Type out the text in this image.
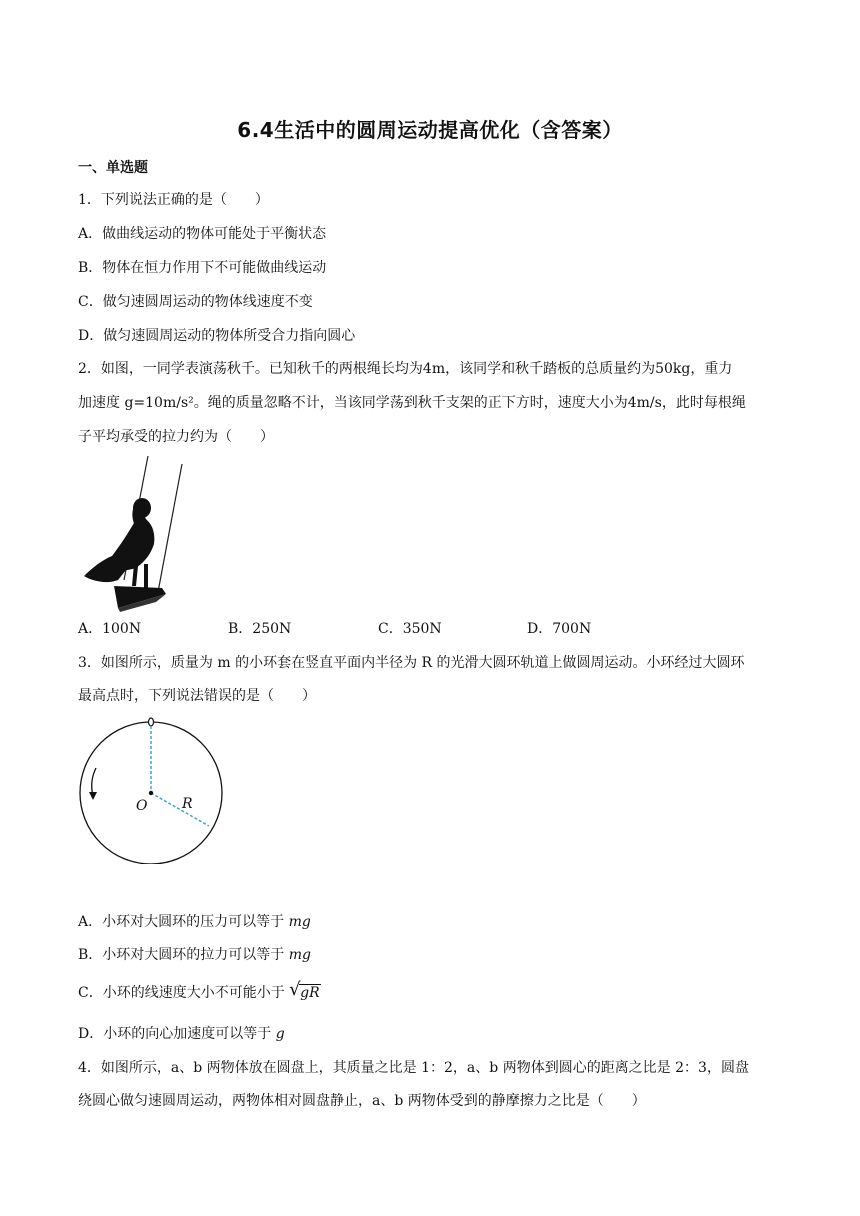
6.4生活中的圆周运动提高优化（含答案）
一、单选题
1．下列说法正确的是（　　）
A．做曲线运动的物体可能处于平衡状态
B．物体在恒力作用下不可能做曲线运动
C．做匀速圆周运动的物体线速度不变
D．做匀速圆周运动的物体所受合力指向圆心
2．如图，一同学表演荡秋千。已知秋千的两根绳长均为4m，该同学和秋千踏板的总质量约为50kg，重力
加速度 g=10m/s²。绳的质量忽略不计，当该同学荡到秋千支架的正下方时，速度大小为4m/s，此时每根绳
子平均承受的拉力约为（　　）
A．100N	B．250N	C．350N	D．700N
3．如图所示，质量为 m 的小环套在竖直平面内半径为 R 的光滑大圆环轨道上做圆周运动。小环经过大圆环
最高点时，下列说法错误的是（　　）
O R
A．小环对大圆环的压力可以等于 mg
B．小环对大圆环的拉力可以等于 mg
C．小环的线速度大小不可能小于 √ gR
D．小环的向心加速度可以等于 g
4．如图所示，a、b 两物体放在圆盘上，其质量之比是 1：2，a、b 两物体到圆心的距离之比是 2：3，圆盘
绕圆心做匀速圆周运动，两物体相对圆盘静止，a、b 两物体受到的静摩擦力之比是（　　）
